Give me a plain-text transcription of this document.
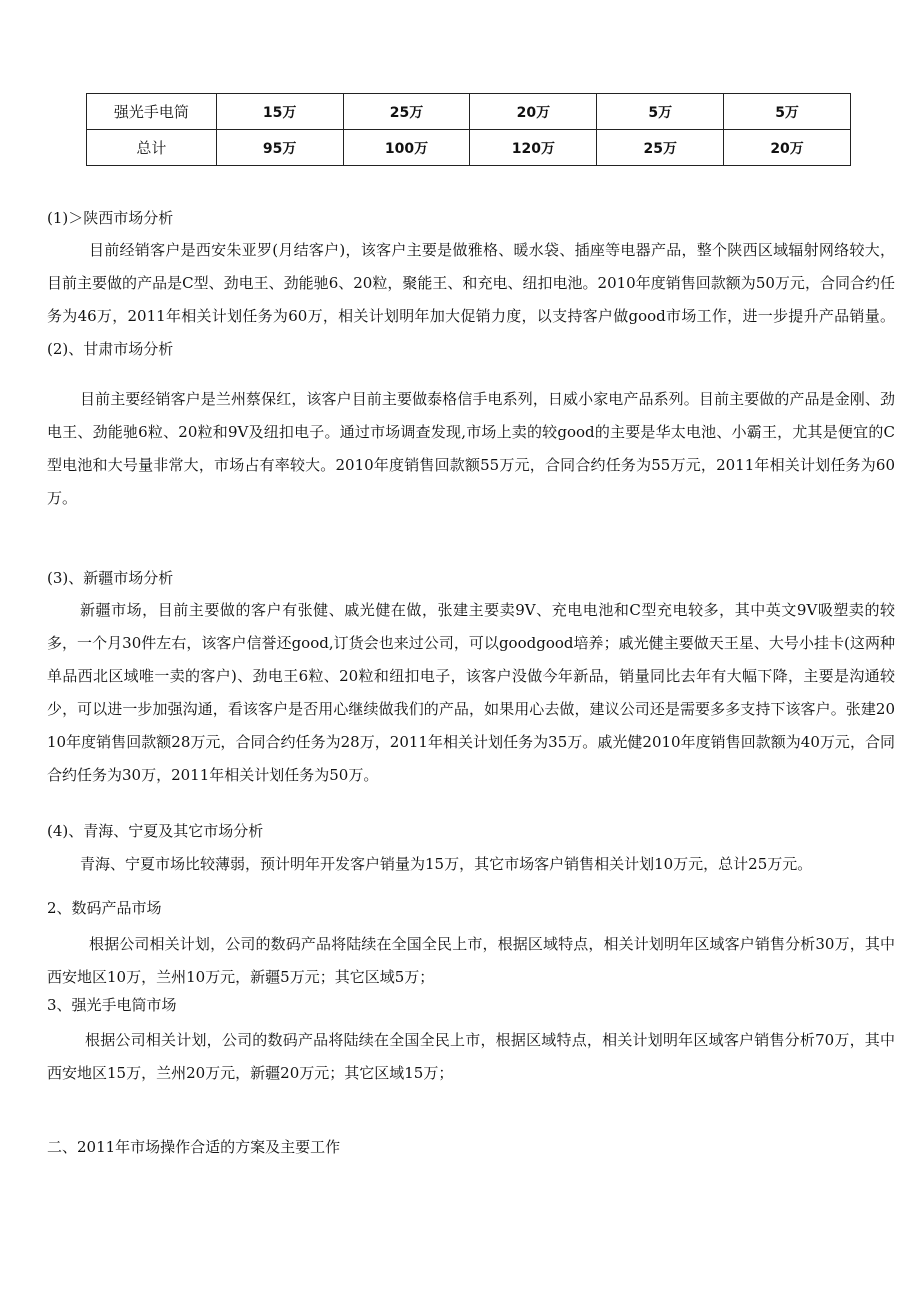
强光手电筒	15万	25万	20万	5万	5万
总计	95万	100万	120万	25万	20万
(1)＞陕西市场分析
目前经销客户是西安朱亚罗(月结客户)，该客户主要是做雅格、暖水袋、插座等电器产品，整个陕西区域辐射网络较大，目前主要做的产品是C型、劲电王、劲能驰6、20粒，聚能王、和充电、纽扣电池。2010年度销售回款额为50万元，合同合约任务为46万，2011年相关计划任务为60万，相关计划明年加大促销力度，以支持客户做good市场工作，进一步提升产品销量。(2)、甘肃市场分析
目前主要经销客户是兰州蔡保红，该客户目前主要做泰格信手电系列，日威小家电产品系列。目前主要做的产品是金刚、劲电王、劲能驰6粒、20粒和9V及纽扣电子。通过市场调查发现,市场上卖的较good的主要是华太电池、小霸王，尤其是便宜的C型电池和大号量非常大，市场占有率较大。2010年度销售回款额55万元，合同合约任务为55万元，2011年相关计划任务为60万。
(3)、新疆市场分析
新疆市场，目前主要做的客户有张健、戚光健在做，张建主要卖9V、充电电池和C型充电较多，其中英文9V吸塑卖的较多，一个月30件左右，该客户信誉还good,订货会也来过公司，可以goodgood培养；戚光健主要做天王星、大号小挂卡(这两种单品西北区域唯一卖的客户)、劲电王6粒、20粒和纽扣电子，该客户没做今年新品，销量同比去年有大幅下降，主要是沟通较少，可以进一步加强沟通，看该客户是否用心继续做我们的产品，如果用心去做，建议公司还是需要多多支持下该客户。张建2010年度销售回款额28万元，合同合约任务为28万，2011年相关计划任务为35万。戚光健2010年度销售回款额为40万元，合同合约任务为30万，2011年相关计划任务为50万。
(4)、青海、宁夏及其它市场分析
青海、宁夏市场比较薄弱，预计明年开发客户销量为15万，其它市场客户销售相关计划10万元，总计25万元。
2、数码产品市场
根据公司相关计划，公司的数码产品将陆续在全国全民上市，根据区域特点，相关计划明年区域客户销售分析30万，其中西安地区10万，兰州10万元，新疆5万元；其它区域5万；
3、强光手电筒市场
根据公司相关计划，公司的数码产品将陆续在全国全民上市，根据区域特点，相关计划明年区域客户销售分析70万，其中西安地区15万，兰州20万元，新疆20万元；其它区域15万；
二、2011年市场操作合适的方案及主要工作
